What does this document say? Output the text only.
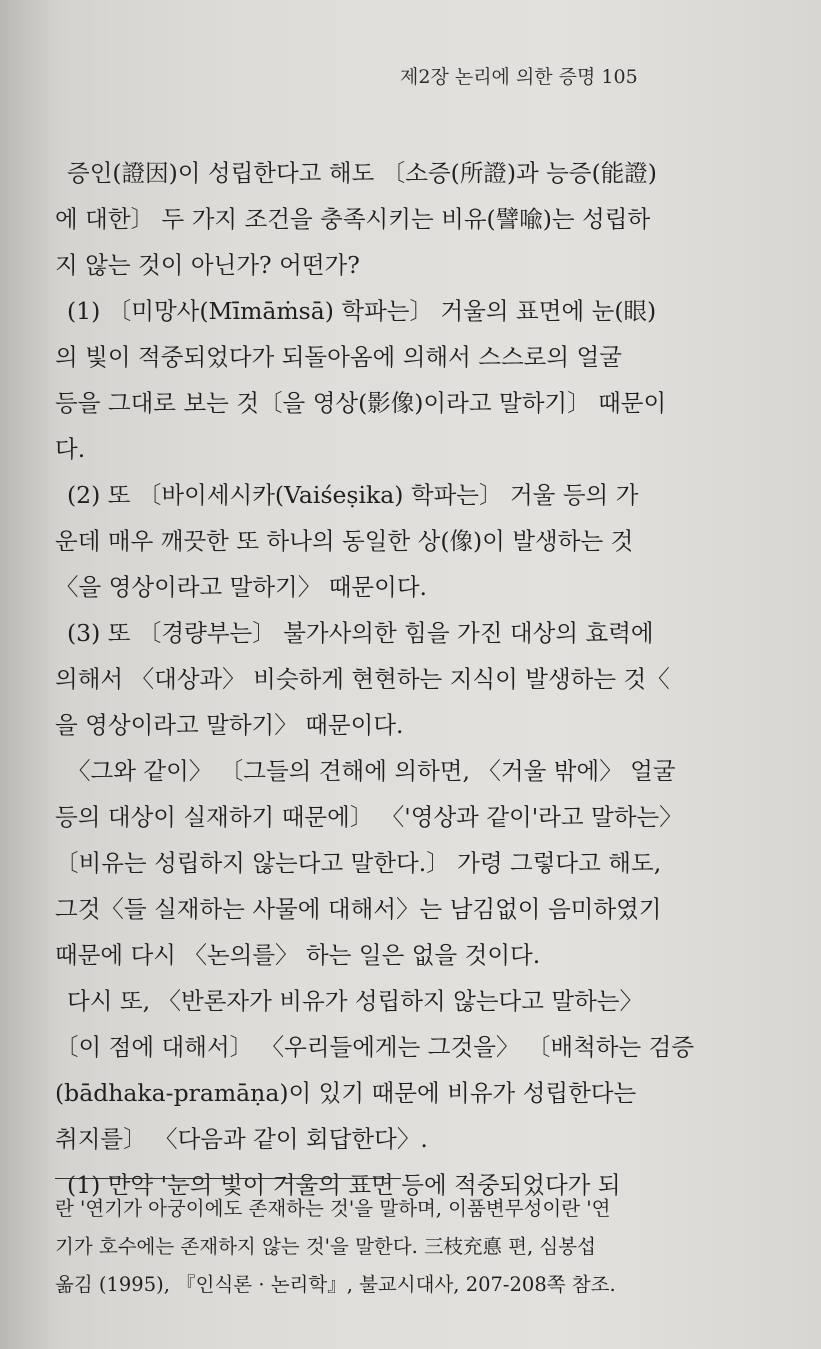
제2장 논리에 의한 증명 105
증인(證因)이 성립한다고 해도 〔소증(所證)과 능증(能證)
에 대한〕 두 가지 조건을 충족시키는 비유(譬喩)는 성립하
지 않는 것이 아닌가? 어떤가?
(1) 〔미망사(Mīmāṁsā) 학파는〕 거울의 표면에 눈(眼)
의 빛이 적중되었다가 되돌아옴에 의해서 스스로의 얼굴
등을 그대로 보는 것〔을 영상(影像)이라고 말하기〕 때문이
다.
(2) 또 〔바이세시카(Vaiśeṣika) 학파는〕 거울 등의 가
운데 매우 깨끗한 또 하나의 동일한 상(像)이 발생하는 것
〈을 영상이라고 말하기〉 때문이다.
(3) 또 〔경량부는〕 불가사의한 힘을 가진 대상의 효력에
의해서 〈대상과〉 비슷하게 현현하는 지식이 발생하는 것〈
을 영상이라고 말하기〉 때문이다.
〈그와 같이〉 〔그들의 견해에 의하면, 〈거울 밖에〉 얼굴
등의 대상이 실재하기 때문에〕 〈'영상과 같이'라고 말하는〉
〔비유는 성립하지 않는다고 말한다.〕 가령 그렇다고 해도,
그것〈들 실재하는 사물에 대해서〉는 남김없이 음미하였기
때문에 다시 〈논의를〉 하는 일은 없을 것이다.
다시 또, 〈반론자가 비유가 성립하지 않는다고 말하는〉
〔이 점에 대해서〕 〈우리들에게는 그것을〉 〔배척하는 검증
(bādhaka-pramāṇa)이 있기 때문에 비유가 성립한다는
취지를〕 〈다음과 같이 회답한다〉.
(1) 만약 '눈의 빛이 거울의 표면 등에 적중되었다가 되
란 '연기가 아궁이에도 존재하는 것'을 말하며, 이품변무성이란 '연
기가 호수에는 존재하지 않는 것'을 말한다. 三枝充悳 편, 심봉섭
옮김 (1995), 『인식론 · 논리학』, 불교시대사, 207-208쪽 참조.
